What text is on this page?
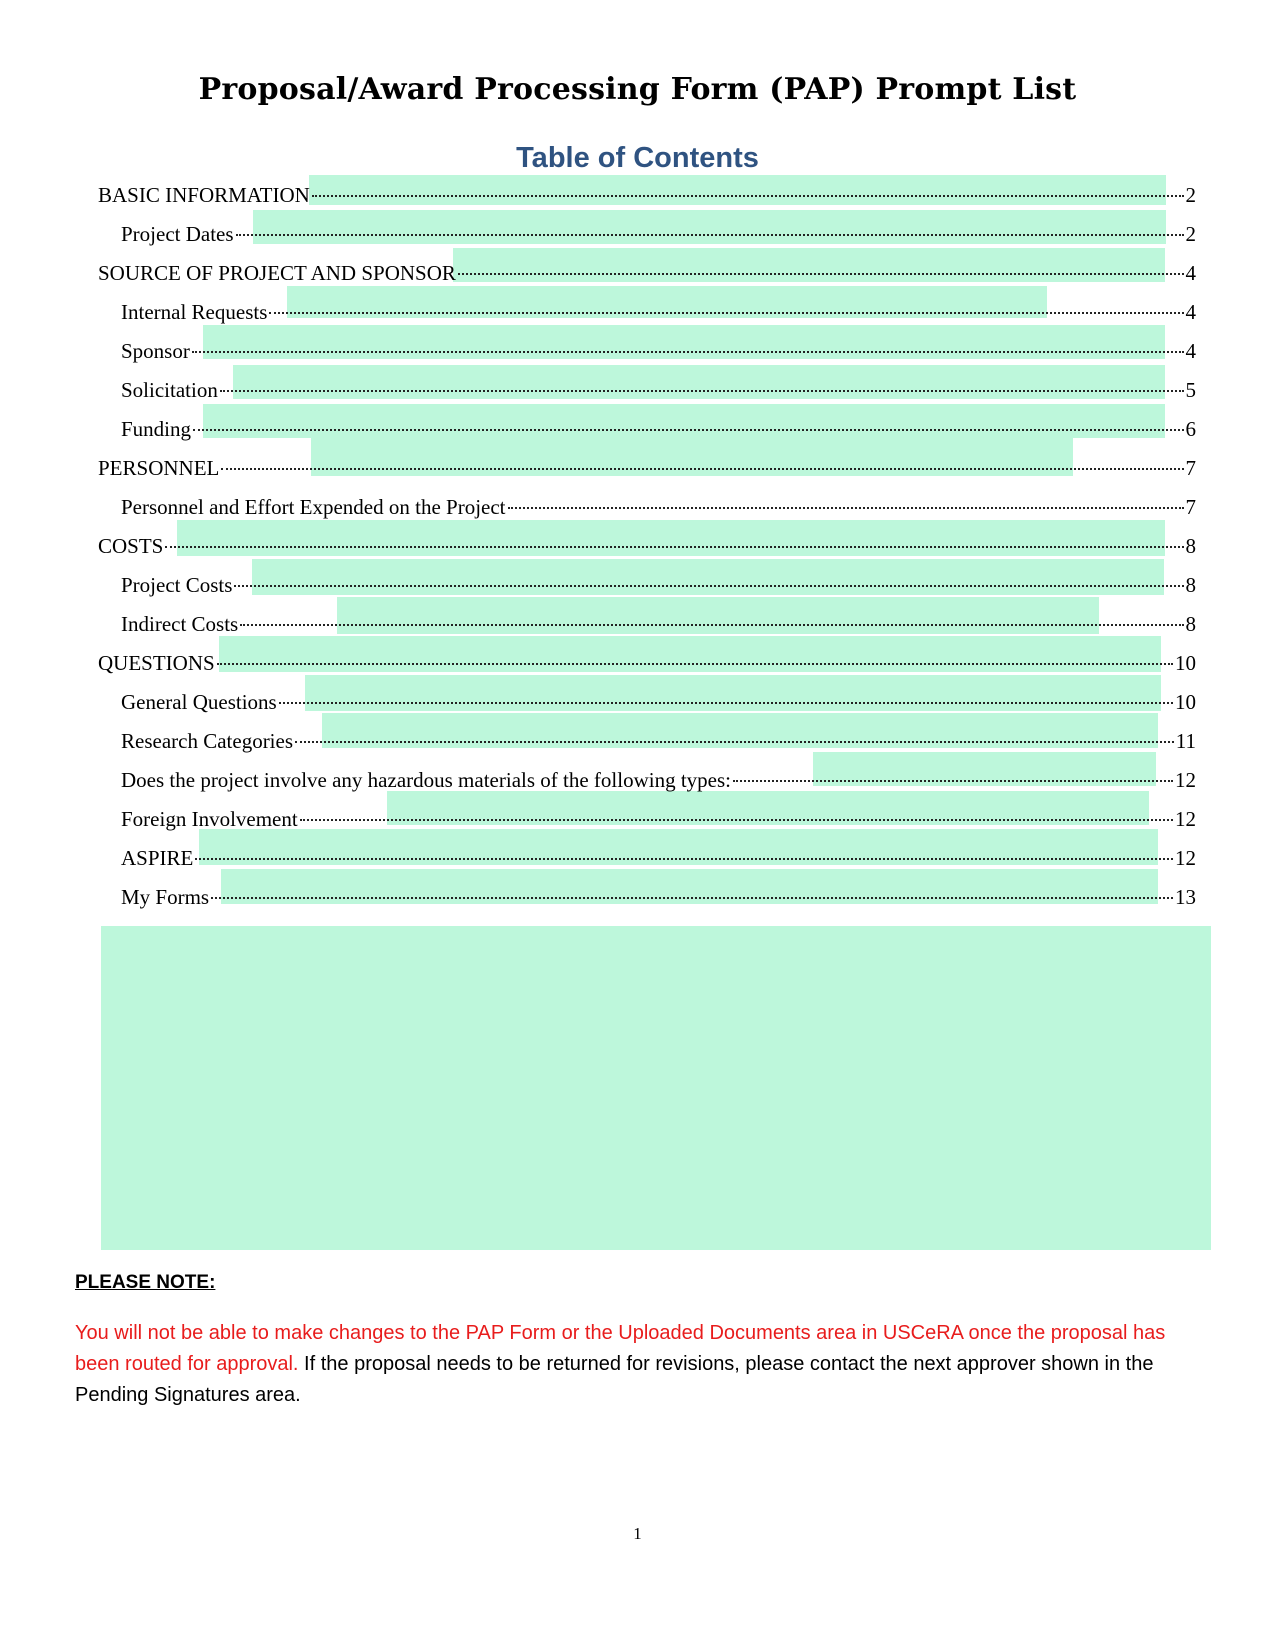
Proposal/Award Processing Form (PAP) Prompt List
Table of Contents
BASIC INFORMATION	2
Project Dates	2
SOURCE OF PROJECT AND SPONSOR	4
Internal Requests	4
Sponsor	4
Solicitation	5
Funding	6
PERSONNEL	7
Personnel and Effort Expended on the Project	7
COSTS	8
Project Costs	8
Indirect Costs	8
QUESTIONS	10
General Questions	10
Research Categories	11
Does the project involve any hazardous materials of the following types:	12
Foreign Involvement	12
ASPIRE	12
My Forms	13

PLEASE NOTE:

You will not be able to make changes to the PAP Form or the Uploaded Documents area in USCeRA once the proposal has been routed for approval. If the proposal needs to be returned for revisions, please contact the next approver shown in the Pending Signatures area.

1
